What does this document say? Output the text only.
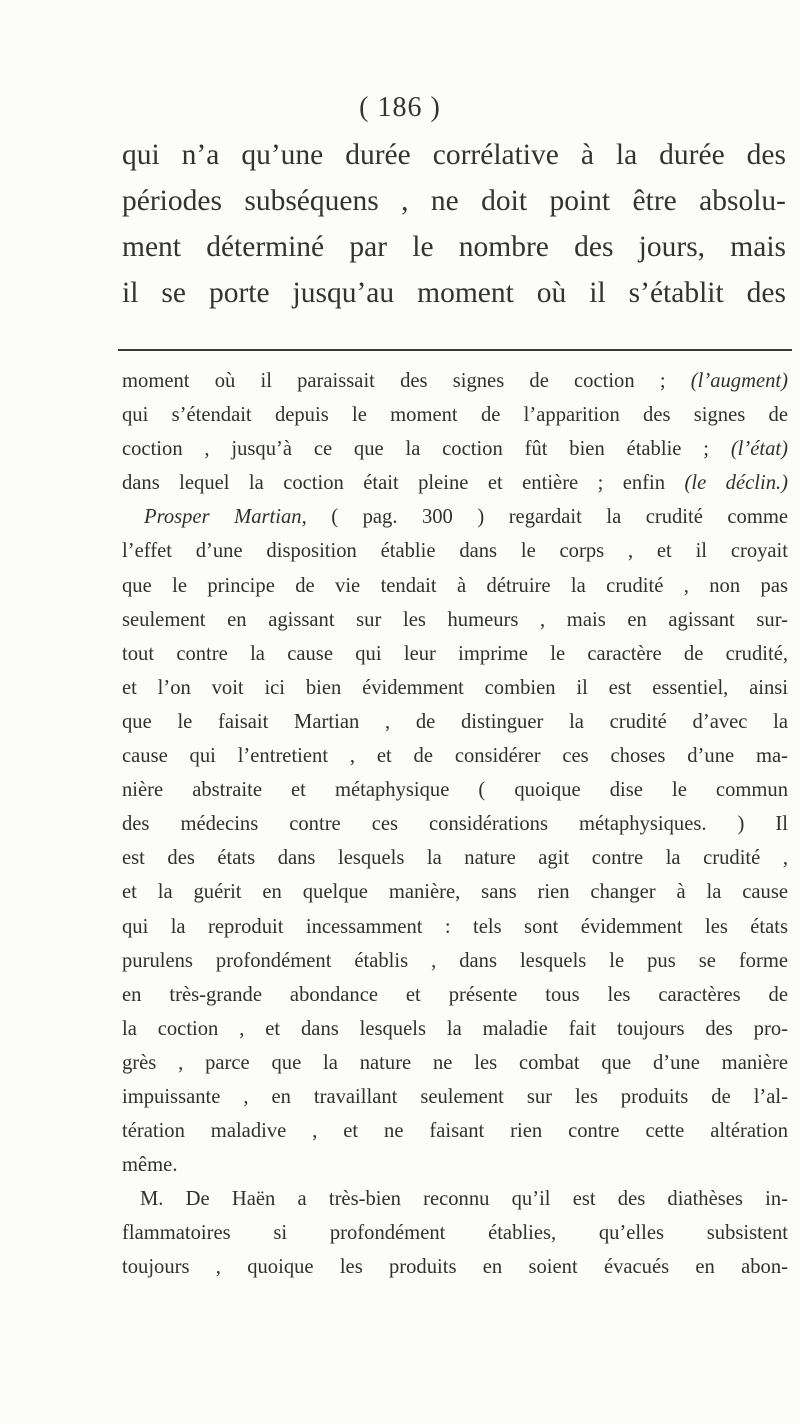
( 186 )
qui n’a qu’une durée corrélative à la durée des
périodes subséquens , ne doit point être absolu-
ment déterminé par le nombre des jours, mais
il se porte jusqu’au moment où il s’établit des
moment où il paraissait des signes de coction ; (l’augment)
qui s’étendait depuis le moment de l’apparition des signes de
coction , jusqu’à ce que la coction fût bien établie ; (l’état)
dans lequel la coction était pleine et entière ; enfin (le déclin.)
Prosper Martian, ( pag. 300 ) regardait la crudité comme
l’effet d’une disposition établie dans le corps , et il croyait
que le principe de vie tendait à détruire la crudité , non pas
seulement en agissant sur les humeurs , mais en agissant sur-
tout contre la cause qui leur imprime le caractère de crudité,
et l’on voit ici bien évidemment combien il est essentiel, ainsi
que le faisait Martian , de distinguer la crudité d’avec la
cause qui l’entretient , et de considérer ces choses d’une ma-
nière abstraite et métaphysique ( quoique dise le commun
des médecins contre ces considérations métaphysiques. ) Il
est des états dans lesquels la nature agit contre la crudité ,
et la guérit en quelque manière, sans rien changer à la cause
qui la reproduit incessamment : tels sont évidemment les états
purulens profondément établis , dans lesquels le pus se forme
en très-grande abondance et présente tous les caractères de
la coction , et dans lesquels la maladie fait toujours des pro-
grès , parce que la nature ne les combat que d’une manière
impuissante , en travaillant seulement sur les produits de l’al-
tération maladive , et ne faisant rien contre cette altération
même.
M. De Haën a très-bien reconnu qu’il est des diathèses in-
flammatoires si profondément établies, qu’elles subsistent
toujours , quoique les produits en soient évacués en abon-
